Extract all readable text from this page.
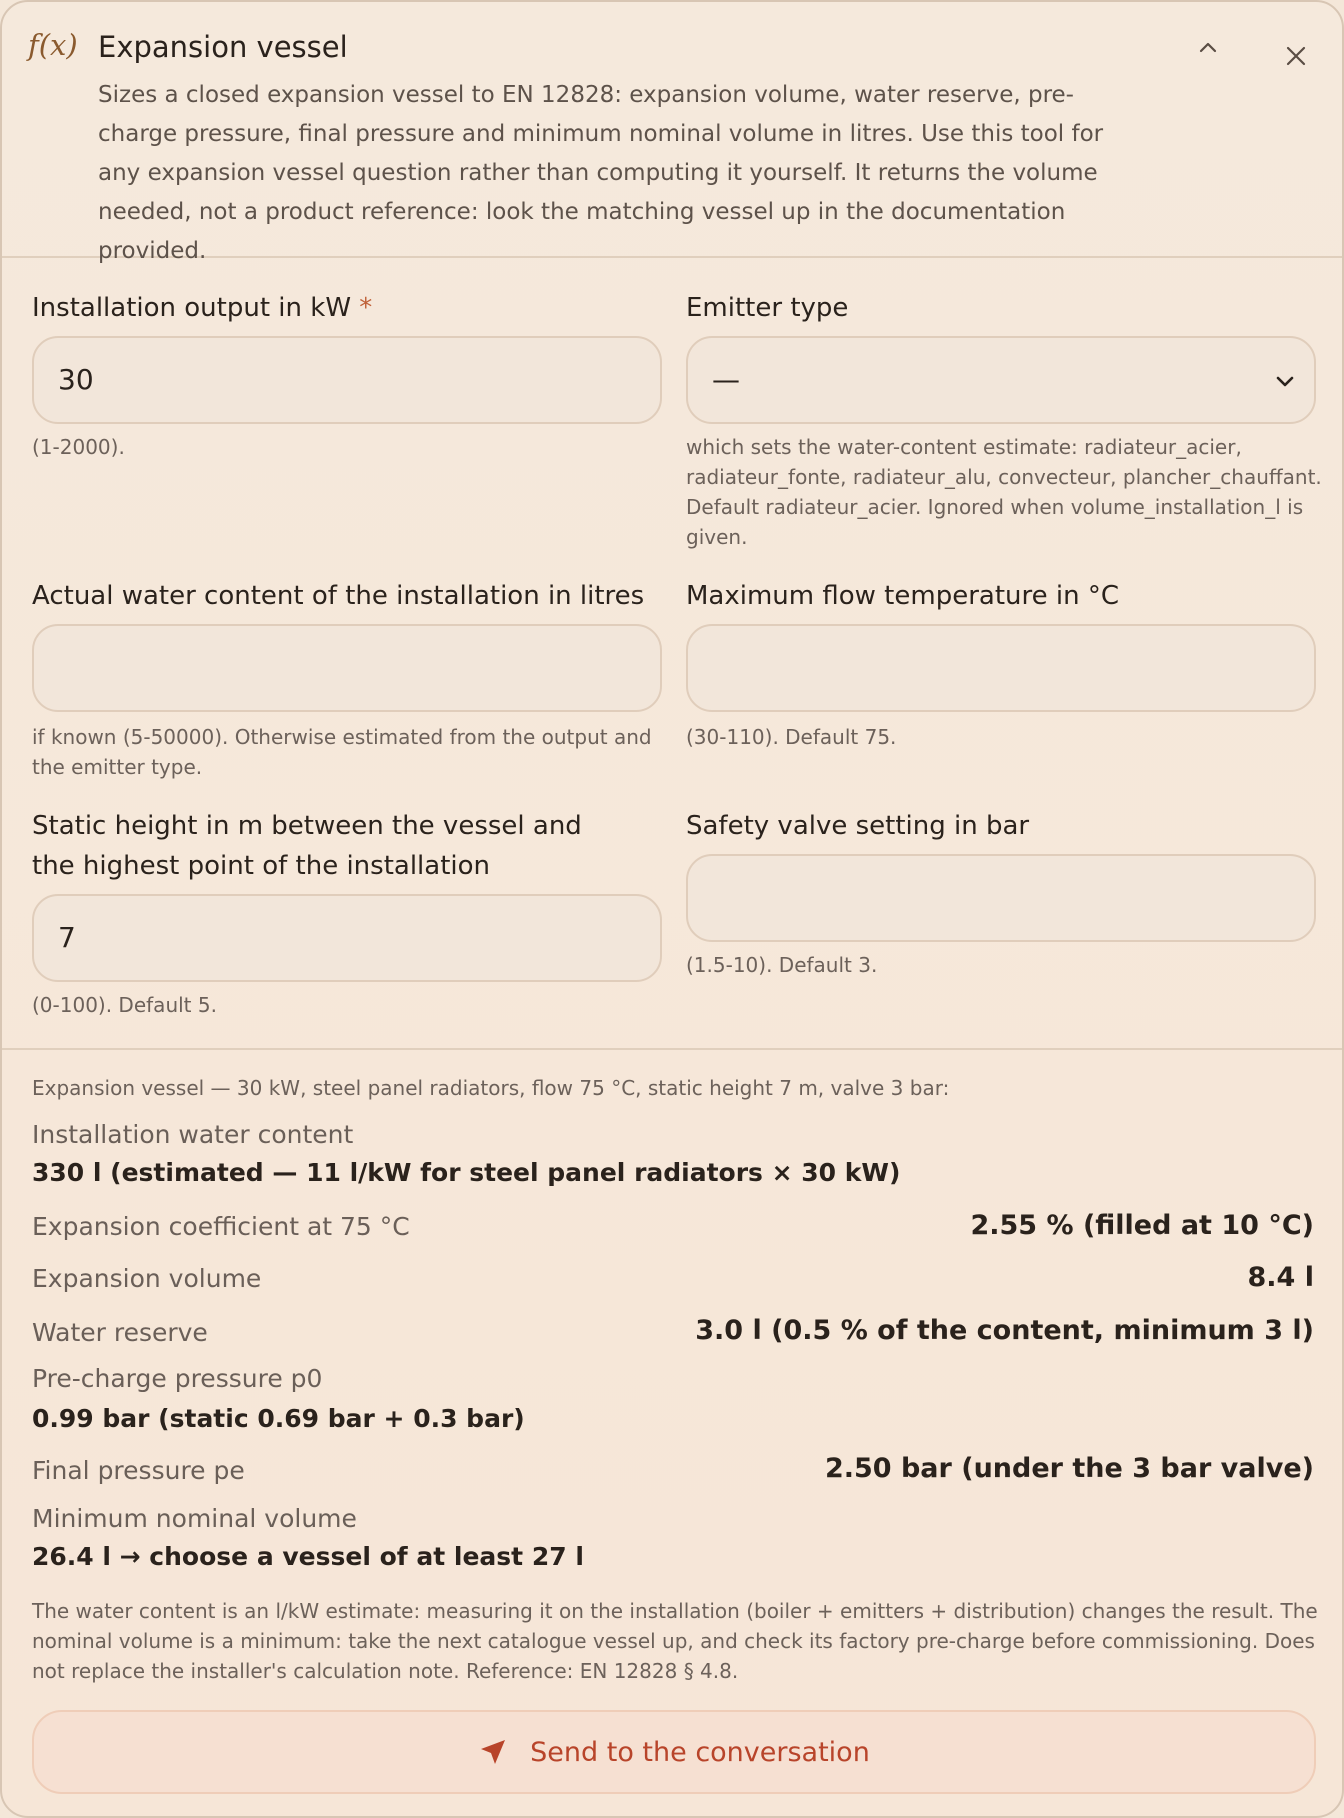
f(x) Expansion vessel

Sizes a closed expansion vessel to EN 12828: expansion volume, water reserve, pre-charge pressure, final pressure and minimum nominal volume in litres. Use this tool for any expansion vessel question rather than computing it yourself. It returns the volume needed, not a product reference: look the matching vessel up in the documentation provided.

Installation output in kW *
30
(1-2000).
Emitter type
—
which sets the water-content estimate: radiateur_acier, radiateur_fonte, radiateur_alu, convecteur, plancher_chauffant. Default radiateur_acier. Ignored when volume_installation_l is given.
Actual water content of the installation in litres
if known (5-50000). Otherwise estimated from the output and the emitter type.
Maximum flow temperature in °C
(30-110). Default 75.
Static height in m between the vessel and the highest point of the installation
7
(0-100). Default 5.
Safety valve setting in bar
(1.5-10). Default 3.
Expansion vessel — 30 kW, steel panel radiators, flow 75 °C, static height 7 m, valve 3 bar:
Installation water content
330 l (estimated — 11 l/kW for steel panel radiators × 30 kW)
Expansion coefficient at 75 °C	2.55 % (filled at 10 °C)
Expansion volume	8.4 l
Water reserve	3.0 l (0.5 % of the content, minimum 3 l)
Pre-charge pressure p0
0.99 bar (static 0.69 bar + 0.3 bar)
Final pressure pe	2.50 bar (under the 3 bar valve)
Minimum nominal volume
26.4 l → choose a vessel of at least 27 l

The water content is an l/kW estimate: measuring it on the installation (boiler + emitters + distribution) changes the result. The nominal volume is a minimum: take the next catalogue vessel up, and check its factory pre-charge before commissioning. Does not replace the installer's calculation note. Reference: EN 12828 § 4.8.

Send to the conversation
